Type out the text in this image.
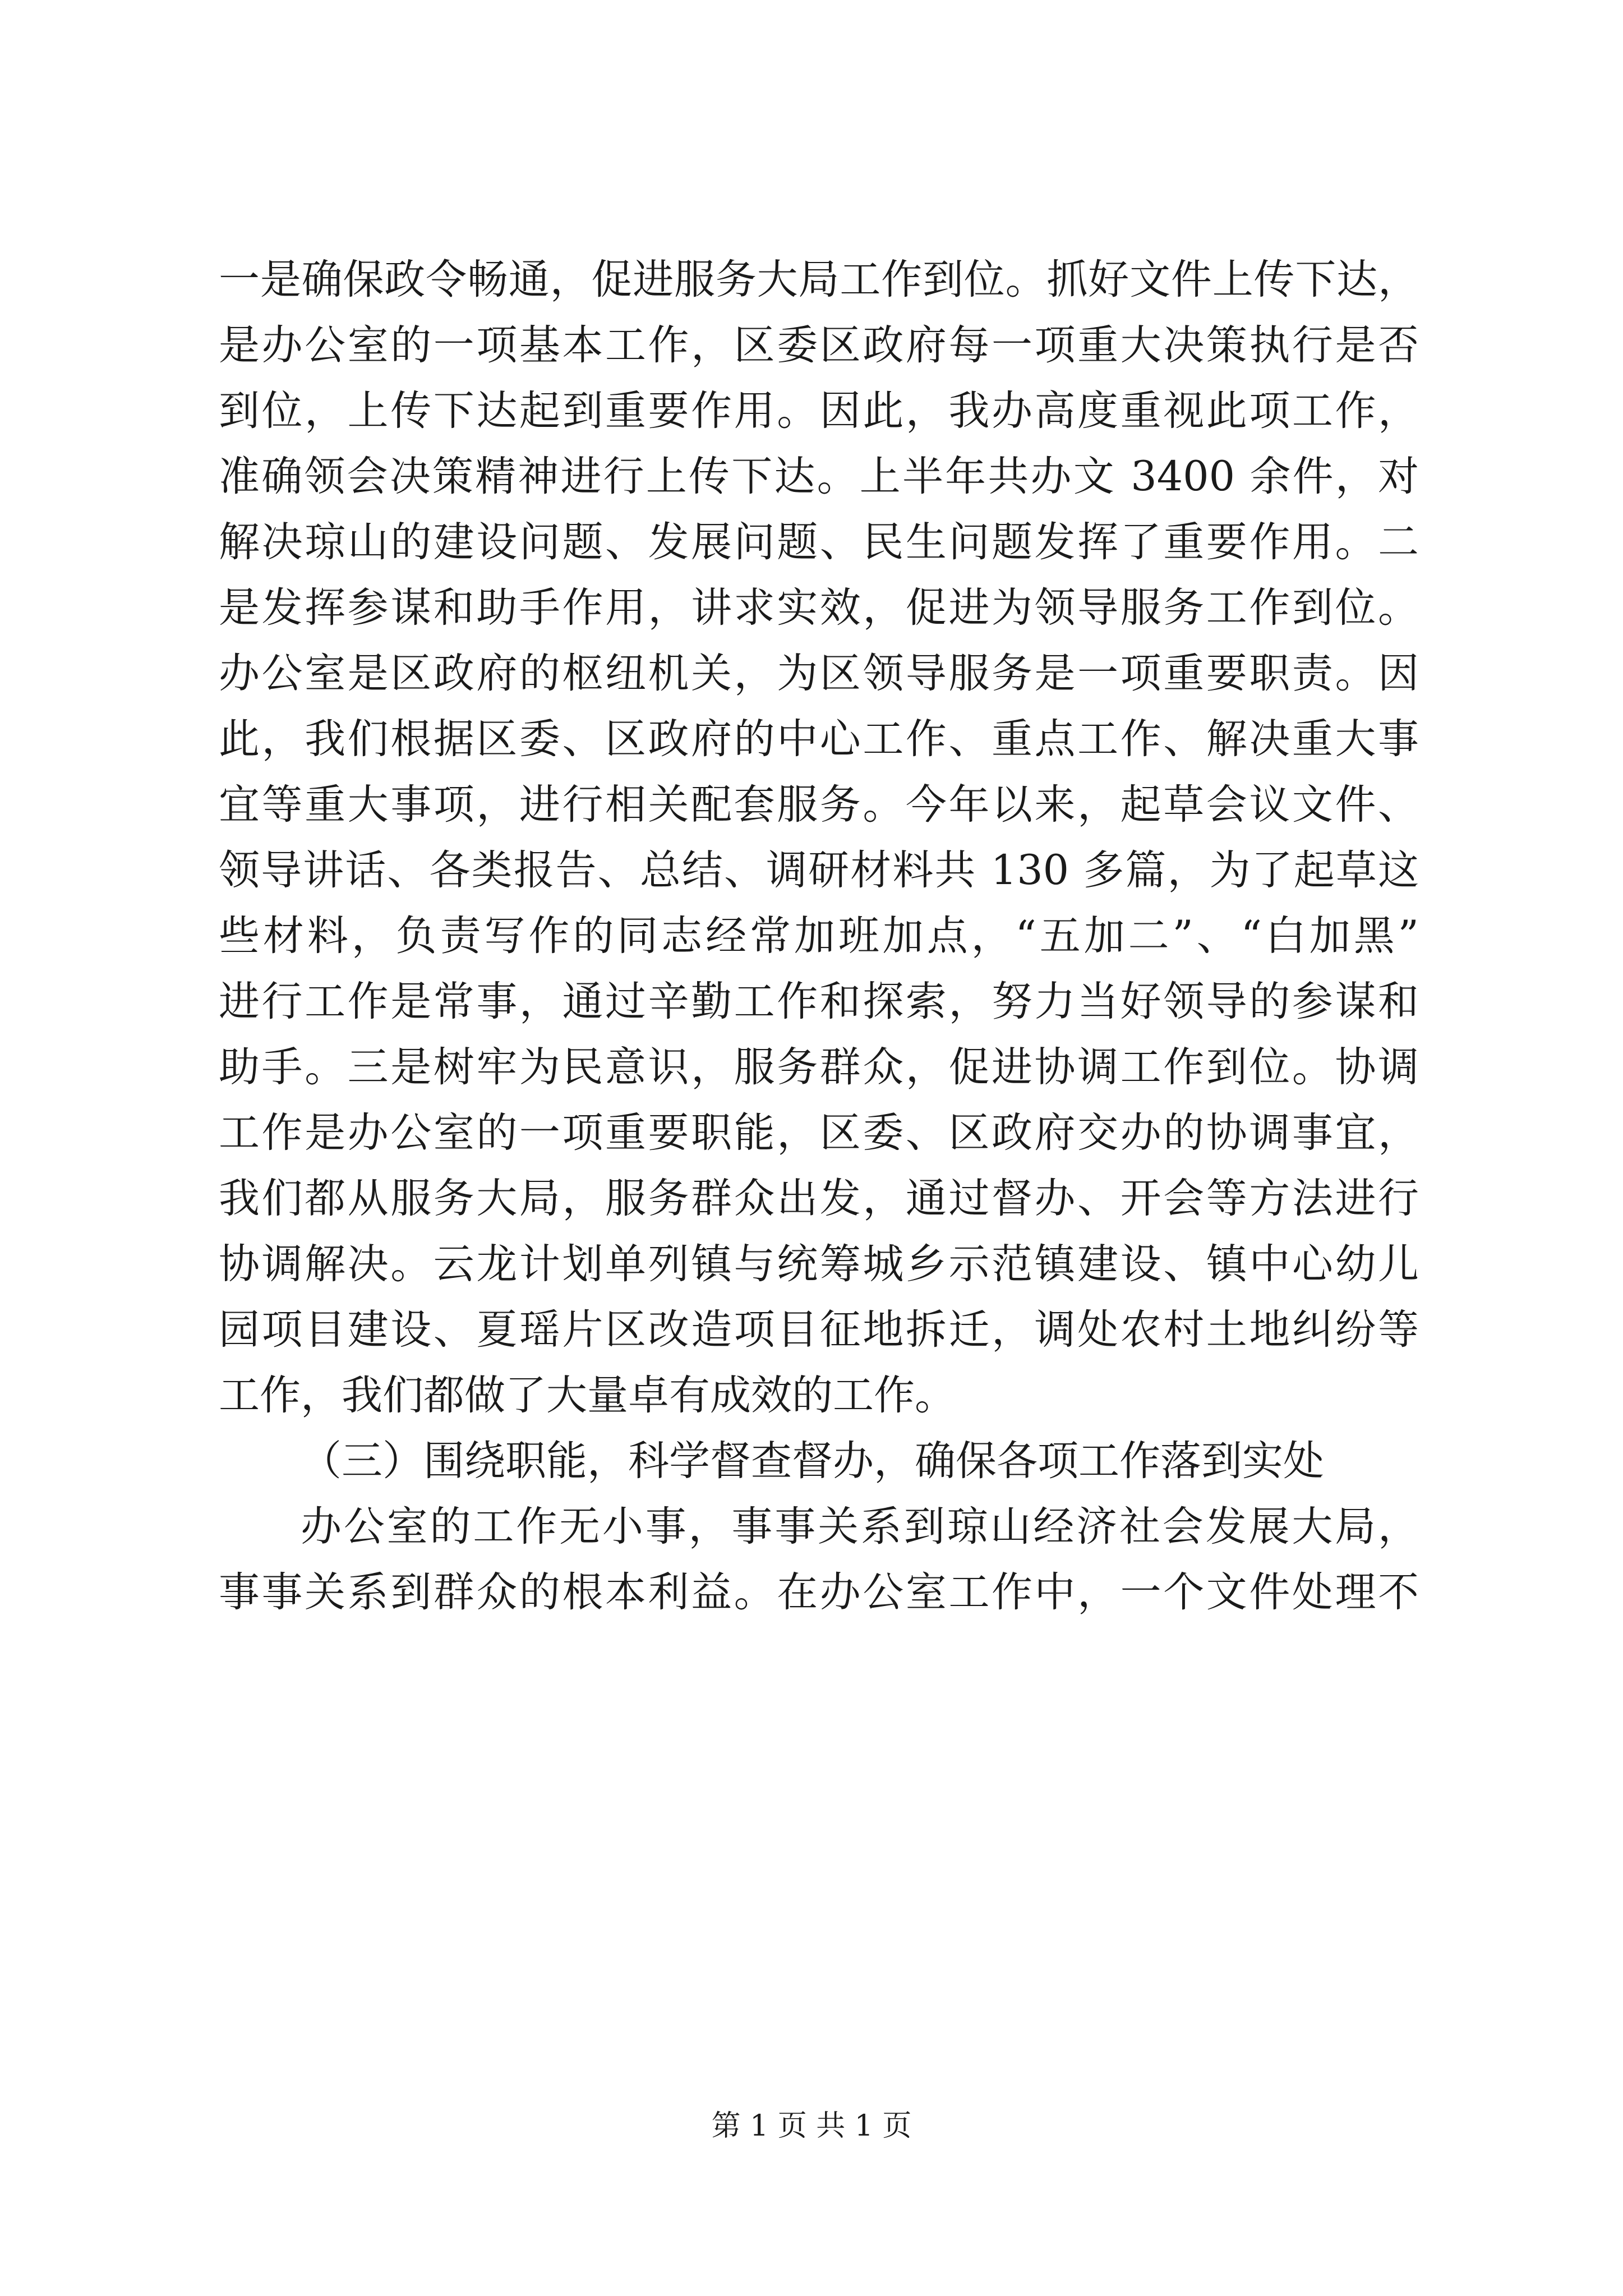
一是确保政令畅通，促进服务大局工作到位。抓好文件上传下达，
是办公室的一项基本工作，区委区政府每一项重大决策执行是否
到位，上传下达起到重要作用。因此，我办高度重视此项工作，
准确领会决策精神进行上传下达。上半年共办文 3400 余件，对
解决琼山的建设问题、发展问题、民生问题发挥了重要作用。二
是发挥参谋和助手作用，讲求实效，促进为领导服务工作到位。
办公室是区政府的枢纽机关，为区领导服务是一项重要职责。因
此，我们根据区委、区政府的中心工作、重点工作、解决重大事
宜等重大事项，进行相关配套服务。今年以来，起草会议文件、
领导讲话、各类报告、总结、调研材料共 130 多篇，为了起草这
些材料，负责写作的同志经常加班加点，“五加二”、“白加黑”
进行工作是常事，通过辛勤工作和探索，努力当好领导的参谋和
助手。三是树牢为民意识，服务群众，促进协调工作到位。协调
工作是办公室的一项重要职能，区委、区政府交办的协调事宜，
我们都从服务大局，服务群众出发，通过督办、开会等方法进行
协调解决。云龙计划单列镇与统筹城乡示范镇建设、镇中心幼儿
园项目建设、夏瑶片区改造项目征地拆迁，调处农村土地纠纷等
工作，我们都做了大量卓有成效的工作。
（三）围绕职能，科学督查督办，确保各项工作落到实处
办公室的工作无小事，事事关系到琼山经济社会发展大局，
事事关系到群众的根本利益。在办公室工作中，一个文件处理不
第 1 页 共 1 页
